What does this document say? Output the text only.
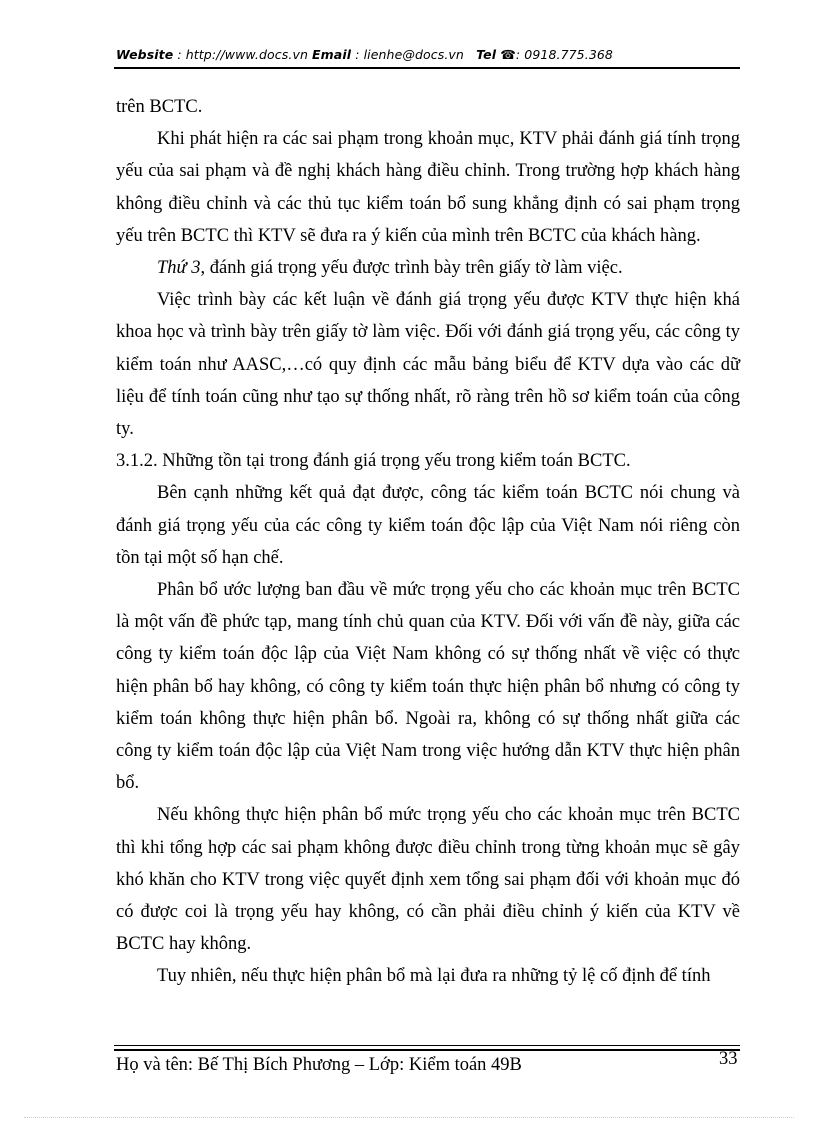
Website : http://www.docs.vn Email : lienhe@docs.vn Tel ☎: 0918.775.368

trên BCTC.

Khi phát hiện ra các sai phạm trong khoản mục, KTV phải đánh giá tính trọng yếu của sai phạm và đề nghị khách hàng điều chỉnh. Trong trường hợp khách hàng không điều chỉnh và các thủ tục kiểm toán bổ sung khẳng định có sai phạm trọng yếu trên BCTC thì KTV sẽ đưa ra ý kiến của mình trên BCTC của khách hàng.

Thứ 3, đánh giá trọng yếu được trình bày trên giấy tờ làm việc.

Việc trình bày các kết luận về đánh giá trọng yếu được KTV thực hiện khá khoa học và trình bày trên giấy tờ làm việc. Đối với đánh giá trọng yếu, các công ty kiểm toán như AASC,…có quy định các mẫu bảng biểu để KTV dựa vào các dữ liệu để tính toán cũng như tạo sự thống nhất, rõ ràng trên hồ sơ kiểm toán của công ty.

3.1.2. Những tồn tại trong đánh giá trọng yếu trong kiểm toán BCTC.

Bên cạnh những kết quả đạt được, công tác kiểm toán BCTC nói chung và đánh giá trọng yếu của các công ty kiểm toán độc lập của Việt Nam nói riêng còn tồn tại một số hạn chế.

Phân bổ ước lượng ban đầu về mức trọng yếu cho các khoản mục trên BCTC là một vấn đề phức tạp, mang tính chủ quan của KTV. Đối với vấn đề này, giữa các công ty kiểm toán độc lập của Việt Nam không có sự thống nhất về việc có thực hiện phân bổ hay không, có công ty kiểm toán thực hiện phân bổ nhưng có công ty kiểm toán không thực hiện phân bổ. Ngoài ra, không có sự thống nhất giữa các công ty kiểm toán độc lập của Việt Nam trong việc hướng dẫn KTV thực hiện phân bổ.

Nếu không thực hiện phân bổ mức trọng yếu cho các khoản mục trên BCTC thì khi tổng hợp các sai phạm không được điều chỉnh trong từng khoản mục sẽ gây khó khăn cho KTV trong việc quyết định xem tổng sai phạm đối với khoản mục đó có được coi là trọng yếu hay không, có cần phải điều chỉnh ý kiến của KTV về BCTC hay không.

Tuy nhiên, nếu thực hiện phân bổ mà lại đưa ra những tỷ lệ cố định để tính

Họ và tên: Bế Thị Bích Phương – Lớp: Kiểm toán 49B	33
